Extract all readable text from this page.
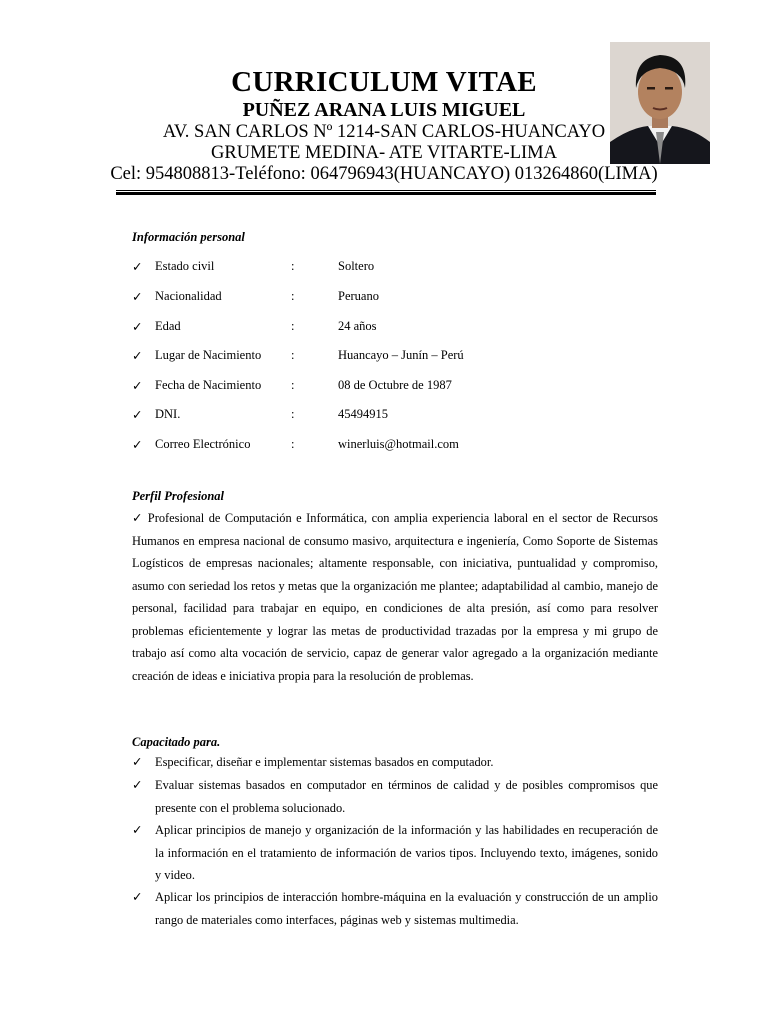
CURRICULUM VITAE
PUÑEZ ARANA LUIS MIGUEL
AV. SAN CARLOS Nº 1214-SAN CARLOS-HUANCAYO
GRUMETE MEDINA- ATE VITARTE-LIMA
Cel: 954808813-Teléfono: 064796943(HUANCAYO) 013264860(LIMA)
Información personal
✓ Estado civil	:	Soltero
✓ Nacionalidad	:	Peruano
✓ Edad	:	24 años
✓ Lugar de Nacimiento :	Huancayo – Junín – Perú
✓ Fecha de Nacimiento :	08 de Octubre de 1987
✓ DNI.	:	45494915
✓ Correo Electrónico	:	winerluis@hotmail.com
Perfil Profesional
✓ Profesional de Computación e Informática, con amplia experiencia laboral en el sector de Recursos Humanos en empresa nacional de consumo masivo, arquitectura e ingeniería, Como Soporte de Sistemas Logísticos de empresas nacionales; altamente responsable, con iniciativa, puntualidad y compromiso, asumo con seriedad los retos y metas que la organización me plantee; adaptabilidad al cambio, manejo de personal, facilidad para trabajar en equipo, en condiciones de alta presión, así como para resolver problemas eficientemente y lograr las metas de productividad trazadas por la empresa y mi grupo de trabajo así como alta vocación de servicio, capaz de generar valor agregado a la organización mediante creación de ideas e iniciativa propia para la resolución de problemas.
Capacitado para.
✓ Especificar, diseñar e implementar sistemas basados en computador.
✓ Evaluar sistemas basados en computador en términos de calidad y de posibles compromisos que presente con el problema solucionado.
✓ Aplicar principios de manejo y organización de la información y las habilidades en recuperación de la información en el tratamiento de información de varios tipos. Incluyendo texto, imágenes, sonido y video.
✓ Aplicar los principios de interacción hombre-máquina en la evaluación y construcción de un amplio rango de materiales como interfaces, páginas web y sistemas multimedia.
